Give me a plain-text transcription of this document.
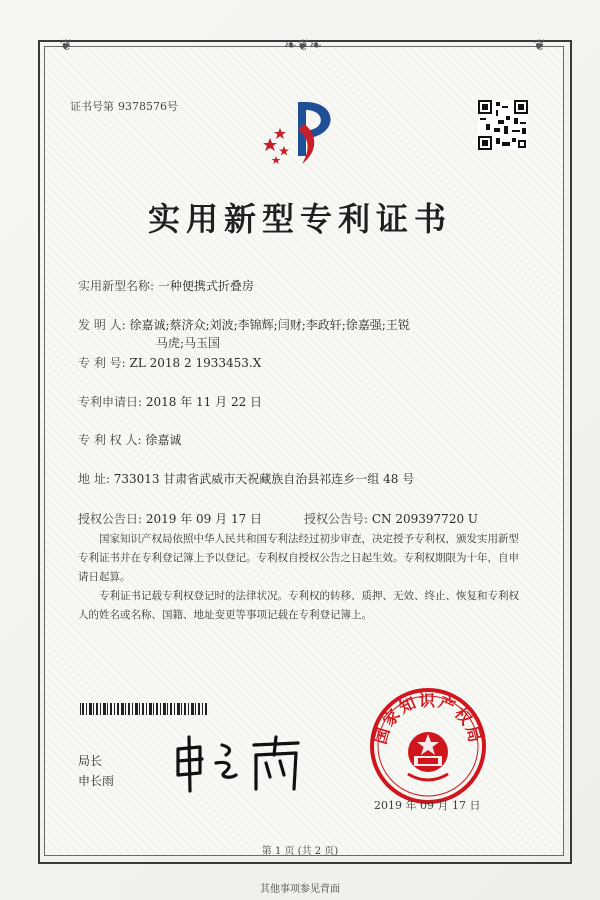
❦	❧❦❧	❦
证书号第 9378576号
实用新型专利证书
实用新型名称: 一种便携式折叠房
发 明 人: 徐嘉诚;蔡济众;刘波;李锦辉;闫财;李政轩;徐嘉强;王锐
马虎;马玉国
专 利 号: ZL 2018 2 1933453.X
专利申请日: 2018 年 11 月 22 日
专 利 权 人: 徐嘉诚
地 址: 733013 甘肃省武威市天祝藏族自治县祁连乡一组 48 号
授权公告日: 2019 年 09 月 17 日	授权公告号: CN 209397720 U
国家知识产权局依照中华人民共和国专利法经过初步审查，决定授予专利权，颁发实用新型专利证书并在专利登记簿上予以登记。专利权自授权公告之日起生效。专利权期限为十年，自申请日起算。
专利证书记载专利权登记时的法律状况。专利权的转移、质押、无效、终止、恢复和专利权人的姓名或名称、国籍、地址变更等事项记载在专利登记簿上。
局长
申长雨
国家知识产权局
2019 年 09 月 17 日
第 1 页 (共 2 页)
其他事项参见背面
